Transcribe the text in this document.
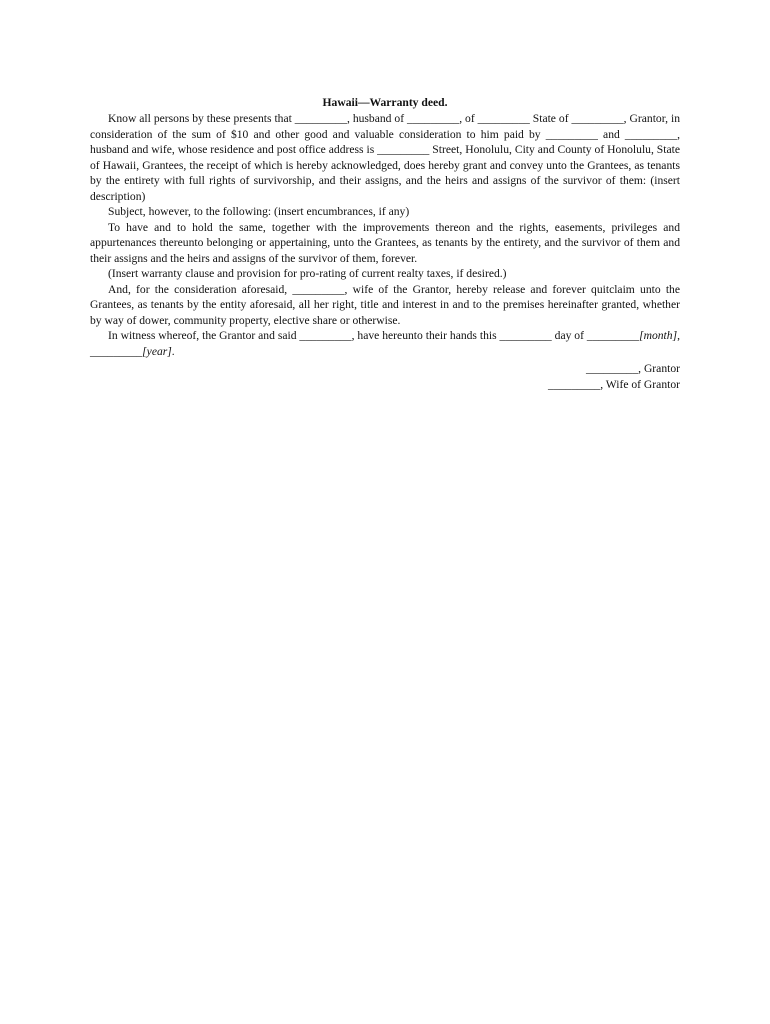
Hawaii—Warranty deed.

Know all persons by these presents that _________, husband of _________, of _________ State of _________, Grantor, in consideration of the sum of $10 and other good and valuable consideration to him paid by _________ and _________, husband and wife, whose residence and post office address is _________ Street, Honolulu, City and County of Honolulu, State of Hawaii, Grantees, the receipt of which is hereby acknowledged, does hereby grant and convey unto the Grantees, as tenants by the entirety with full rights of survivorship, and their assigns, and the heirs and assigns of the survivor of them: (insert description)

Subject, however, to the following: (insert encumbrances, if any)

To have and to hold the same, together with the improvements thereon and the rights, easements, privileges and appurtenances thereunto belonging or appertaining, unto the Grantees, as tenants by the entirety, and the survivor of them and their assigns and the heirs and assigns of the survivor of them, forever.

(Insert warranty clause and provision for pro-rating of current realty taxes, if desired.)

And, for the consideration aforesaid, _________, wife of the Grantor, hereby release and forever quitclaim unto the Grantees, as tenants by the entity aforesaid, all her right, title and interest in and to the premises hereinafter granted, whether by way of dower, community property, elective share or otherwise.

In witness whereof, the Grantor and said _________, have hereunto their hands this _________ day of _________[month], _________[year].

_________, Grantor

_________, Wife of Grantor
